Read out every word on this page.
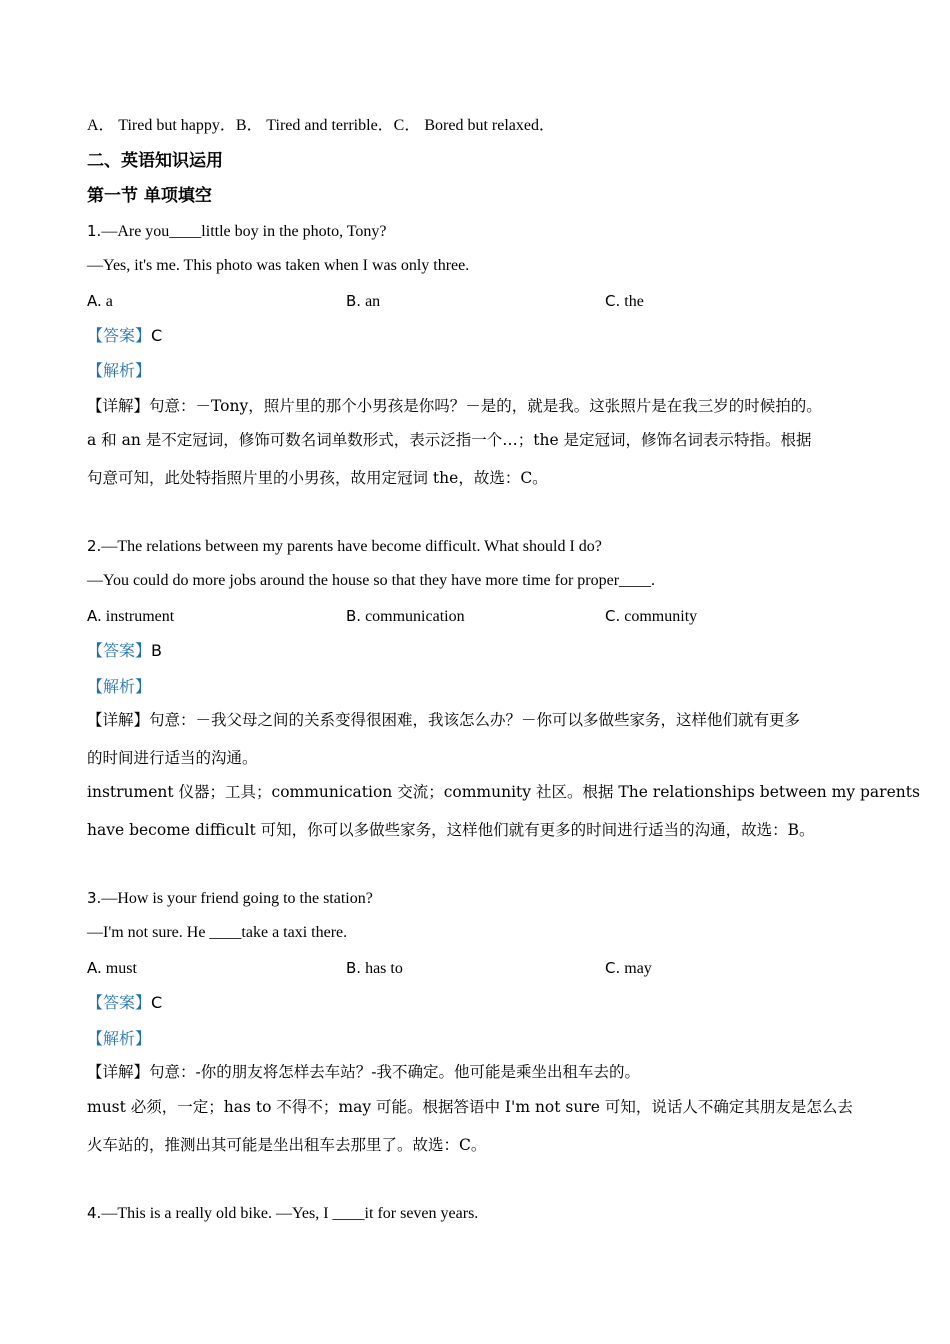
A． Tired but happy．B． Tired and terrible．C． Bored but relaxed．
二、英语知识运用
第一节 单项填空
1.—Are you____little boy in the photo, Tony?
—Yes, it's me. This photo was taken when I was only three.
A. a	B. an	C. the
【答案】C
【解析】
【详解】句意：－Tony，照片里的那个小男孩是你吗？－是的，就是我。这张照片是在我三岁的时候拍的。
a 和 an 是不定冠词，修饰可数名词单数形式，表示泛指一个…；the 是定冠词，修饰名词表示特指。根据
句意可知，此处特指照片里的小男孩，故用定冠词 the，故选：C。
2.—The relations between my parents have become difficult. What should I do?
—You could do more jobs around the house so that they have more time for proper____.
A. instrument	B. communication	C. community
【答案】B
【解析】
【详解】句意：－我父母之间的关系变得很困难，我该怎么办？－你可以多做些家务，这样他们就有更多
的时间进行适当的沟通。
instrument 仪器；工具；communication 交流；community 社区。根据 The relationships between my parents
have become difficult 可知，你可以多做些家务，这样他们就有更多的时间进行适当的沟通，故选：B。
3.—How is your friend going to the station?
—I'm not sure. He ____take a taxi there.
A. must	B. has to	C. may
【答案】C
【解析】
【详解】句意：-你的朋友将怎样去车站？-我不确定。他可能是乘坐出租车去的。
must 必须，一定；has to 不得不；may 可能。根据答语中 I'm not sure 可知，说话人不确定其朋友是怎么去
火车站的，推测出其可能是坐出租车去那里了。故选：C。
4.—This is a really old bike. —Yes, I ____it for seven years.
